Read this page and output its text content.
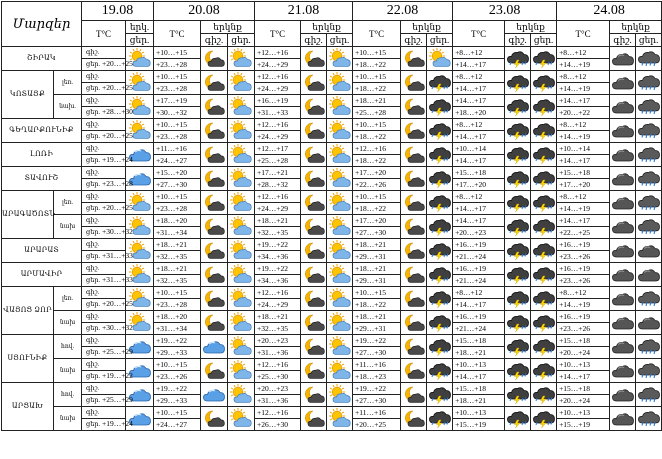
Մարզեր		19.08		20.08			21.08			22.08			23.08			24.08		
		T°C	երկ.	T°C	երկնք		T°C	երկնք		T°C	երկնք		T°C	երկնք		T°C	երկնք	
			ցեր.		գիշ.	ցեր.		գիշ.	ցեր.		գիշ.	ցեր.		գիշ.	ցեր.		գիշ.	ցեր.
ՇԻՐԱԿ		գիշ.		+10…+15			+12…+16			+10…+15			+8…+12			+8…+12	

		ցեր. +20…+25		+23…+28			+24…+29			+18…+22			+14…+17			+14…+19		
ԿՈՏԱՅՔ	լեռ.	գիշ.		+10…+15			+12…+16			+10…+15			+8…+12			+8…+12	

		ցեր. +20…+25		+23…+28			+24…+29			+18…+22			+14…+17			+14…+19		
	նախ.	գիշ.		+17…+19			+16…+19			+18…+21			+14…+17			+14…+17	

		ցեր. +28…+30		+30…+32			+31…+33			+25…+28			+18…+20			+20…+22		
ԳԵՂԱՐՔՈՒՆԻՔ		գիշ.		+10…+15			+12…+16			+10…+15			+8…+12			+8…+12	

		ցեր. +20…+25		+23…+28			+24…+29			+18…+22			+14…+17			+14…+19		
ԼՈՌԻ		գիշ.		+11…+16			+12…+17			+12…+16			+10…+14			+10…+14	

		ցեր. +19…+24		+24…+27			+25…+28			+18…+22			+14…+17			+14…+17		
ՏԱՎՈՒՇ		գիշ.		+15…+20			+17…+21			+17…+20			+15…+18			+15…+18	

		ցեր. +23…+28		+27…+30			+28…+32			+22…+26			+17…+20			+17…+20		
ԱՐԱԳԱԾՈՏՆ	լեռ.	գիշ.		+10…+15			+12…+16			+10…+15			+8…+12			+8…+12	

		ցեր. +20…+25		+23…+28			+24…+29			+18…+22			+14…+17			+14…+19		
	նախ	գիշ.		+18…+20			+18…+21			+17…+20			+14…+17			+14…+17	

		ցեր. +30…+32		+31…+34			+32…+35			+27…+30			+20…+23			+22…+25		
ԱՐԱՐԱՏ		գիշ.		+18…+21			+19…+22			+18…+21			+16…+19			+16…+19	

		ցեր. +31…+33		+32…+35			+34…+36			+29…+31			+21…+24			+23…+26		
ԱՐՄԱՎԻՐ		գիշ.		+18…+21			+19…+22			+18…+21			+16…+19			+16…+19	

		ցեր. +31…+33		+32…+35			+34…+36			+29…+31			+21…+24			+23…+26		
ՎԱՅՈՑ ՁՈՐ	լեռ.	գիշ.		+10…+15			+12…+16			+10…+15			+8…+12			+8…+12	

		ցեր. +20…+25		+23…+28			+24…+29			+18…+22			+14…+17			+14…+19		
	նախ	գիշ.		+18…+20			+18…+21			+18…+21			+16…+19			+16…+19	

		ցեր. +30…+32		+31…+34			+32…+35			+29…+31			+21…+24			+23…+26		
ՍՅՈՒՆԻՔ	հով.	գիշ.		+19…+22			+20…+23			+19…+22			+15…+18			+15…+18	

		ցեր. +25…+29		+29…+33			+31…+36			+27…+30			+18…+21			+20…+24		
	նախ	գիշ.		+10…+15			+12…+16			+11…+16			+10…+13			+10…+13	

		ցեր. +19…+22		+23…+26			+25…+30			+18…+23			+14…+17			+14…+17		
ԱՐՑԱԽ	հով.	գիշ.		+19…+22			+20…+23			+19…+22			+15…+18			+15…+18	

		ցեր. +25…+29		+29…+33			+31…+36			+27…+30			+18…+21			+20…+24		
	նախ	գիշ.		+10…+15			+12…+16			+11…+16			+10…+13			+10…+13	

		ցեր. +19…+24		+24…+27			+26…+30			+20…+25			+15…+19			+15…+19		
